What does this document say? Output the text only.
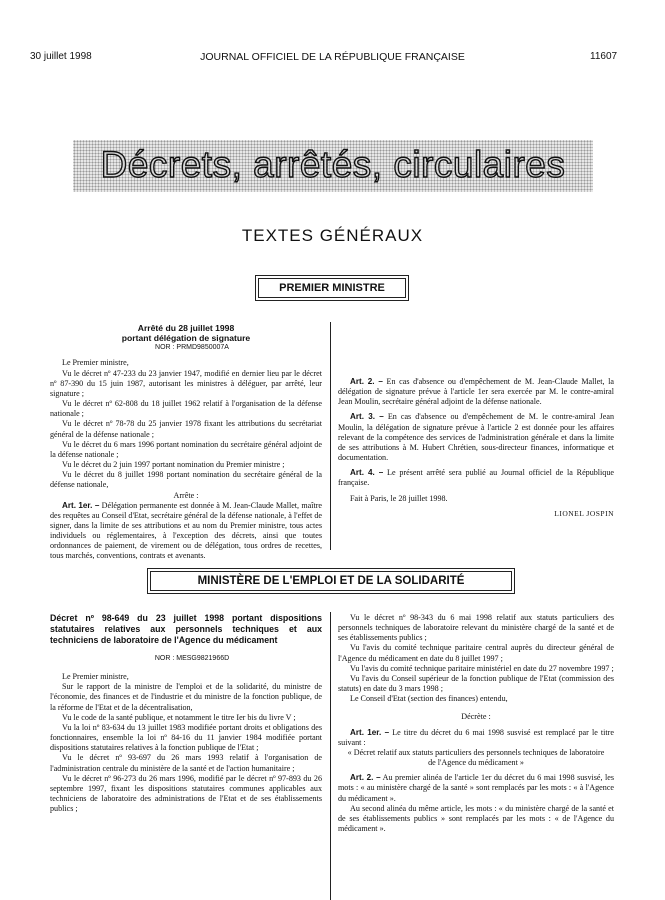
30 juillet 1998	JOURNAL OFFICIEL DE LA RÉPUBLIQUE FRANÇAISE	11607
Décrets, arrêtés, circulaires
TEXTES GÉNÉRAUX
PREMIER MINISTRE

Arrêté du 28 juillet 1998

portant délégation de signature

NOR : PRMD9850007A

Le Premier ministre,

Vu le décret nº 47-233 du 23 janvier 1947, modifié en dernier lieu par le décret nº 87-390 du 15 juin 1987, autorisant les ministres à déléguer, par arrêté, leur signature ;

Vu le décret nº 62-808 du 18 juillet 1962 relatif à l'organisation de la défense nationale ;

Vu le décret nº 78-78 du 25 janvier 1978 fixant les attributions du secrétariat général de la défense nationale ;

Vu le décret du 6 mars 1996 portant nomination du secrétaire général adjoint de la défense nationale ;

Vu le décret du 2 juin 1997 portant nomination du Premier ministre ;

Vu le décret du 8 juillet 1998 portant nomination du secrétaire général de la défense nationale,

Arrête :

Art. 1er. – Délégation permanente est donnée à M. Jean-Claude Mallet, maître des requêtes au Conseil d'Etat, secrétaire général de la défense nationale, à l'effet de signer, dans la limite de ses attributions et au nom du Premier ministre, tous actes individuels ou réglementaires, à l'exception des décrets, ainsi que toutes ordonnances de paiement, de virement ou de délégation, tous ordres de recettes, tous marchés, conventions, contrats et avenants.

Art. 2. – En cas d'absence ou d'empêchement de M. Jean-Claude Mallet, la délégation de signature prévue à l'article 1er sera exercée par M. le contre-amiral Jean Moulin, secrétaire général adjoint de la défense nationale.

Art. 3. – En cas d'absence ou d'empêchement de M. le contre-amiral Jean Moulin, la délégation de signature prévue à l'article 2 est donnée pour les affaires relevant de la compétence des services de l'administration générale et dans la limite de ses attributions à M. Hubert Chrétien, sous-directeur finances, informatique et documentation.

Art. 4. – Le présent arrêté sera publié au Journal officiel de la République française.

Fait à Paris, le 28 juillet 1998.

LIONEL JOSPIN

MINISTÈRE DE L'EMPLOI ET DE LA SOLIDARITÉ

Décret nº 98-649 du 23 juillet 1998 portant dispositions statutaires relatives aux personnels techniques et aux techniciens de laboratoire de l'Agence du médicament

NOR : MESG9821966D

Le Premier ministre,

Sur le rapport de la ministre de l'emploi et de la solidarité, du ministre de l'économie, des finances et de l'industrie et du ministre de la fonction publique, de la réforme de l'Etat et de la décentralisation,

Vu le code de la santé publique, et notamment le titre Ier bis du livre V ;

Vu la loi nº 83-634 du 13 juillet 1983 modifiée portant droits et obligations des fonctionnaires, ensemble la loi nº 84-16 du 11 janvier 1984 modifiée portant dispositions statutaires relatives à la fonction publique de l'Etat ;

Vu le décret nº 93-697 du 26 mars 1993 relatif à l'organisation de l'administration centrale du ministère de la santé et de l'action humanitaire ;

Vu le décret nº 96-273 du 26 mars 1996, modifié par le décret nº 97-893 du 26 septembre 1997, fixant les dispositions statutaires communes applicables aux techniciens de laboratoire des administrations de l'Etat et de ses établissements publics ;

Vu le décret nº 98-343 du 6 mai 1998 relatif aux statuts particuliers des personnels techniques de laboratoire relevant du ministère chargé de la santé et de ses établissements publics ;

Vu l'avis du comité technique paritaire central auprès du directeur général de l'Agence du médicament en date du 8 juillet 1997 ;

Vu l'avis du comité technique paritaire ministériel en date du 27 novembre 1997 ;

Vu l'avis du Conseil supérieur de la fonction publique de l'Etat (commission des statuts) en date du 3 mars 1998 ;

Le Conseil d'Etat (section des finances) entendu,

Décrète :

Art. 1er. – Le titre du décret du 6 mai 1998 susvisé est remplacé par le titre suivant :

« Décret relatif aux statuts particuliers des personnels techniques de laboratoire de l'Agence du médicament »

Art. 2. – Au premier alinéa de l'article 1er du décret du 6 mai 1998 susvisé, les mots : « au ministère chargé de la santé » sont remplacés par les mots : « à l'Agence du médicament ».

Au second alinéa du même article, les mots : « du ministère chargé de la santé et de ses établissements publics » sont remplacés par les mots : « de l'Agence du médicament ».
